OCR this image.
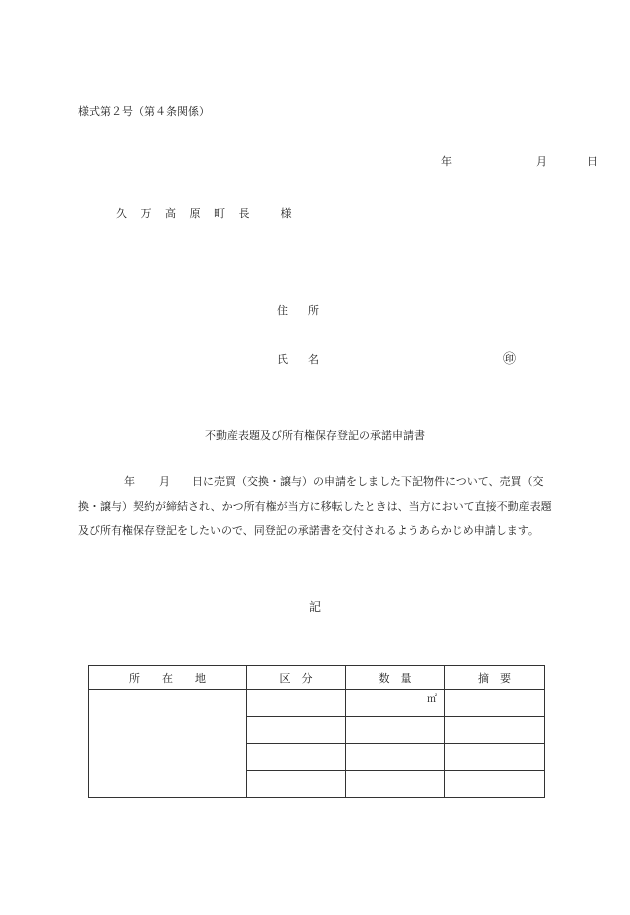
様式第２号（第４条関係）
年	月	日
久 万 高 原 町 長 様
住所
氏名	㊞
不動産表題及び所有権保存登記の承諾申請書
年 月 日に売買（交換・譲与）の申請をしました下記物件について、売買（交換・譲与）契約が締結され、かつ所有権が当方に移転したときは、当方において直接不動産表題及び所有権保存登記をしたいので、同登記の承諾書を交付されるようあらかじめ申請します。
記
所　　在　　地	区　分	数　量	摘　要

		㎡	
